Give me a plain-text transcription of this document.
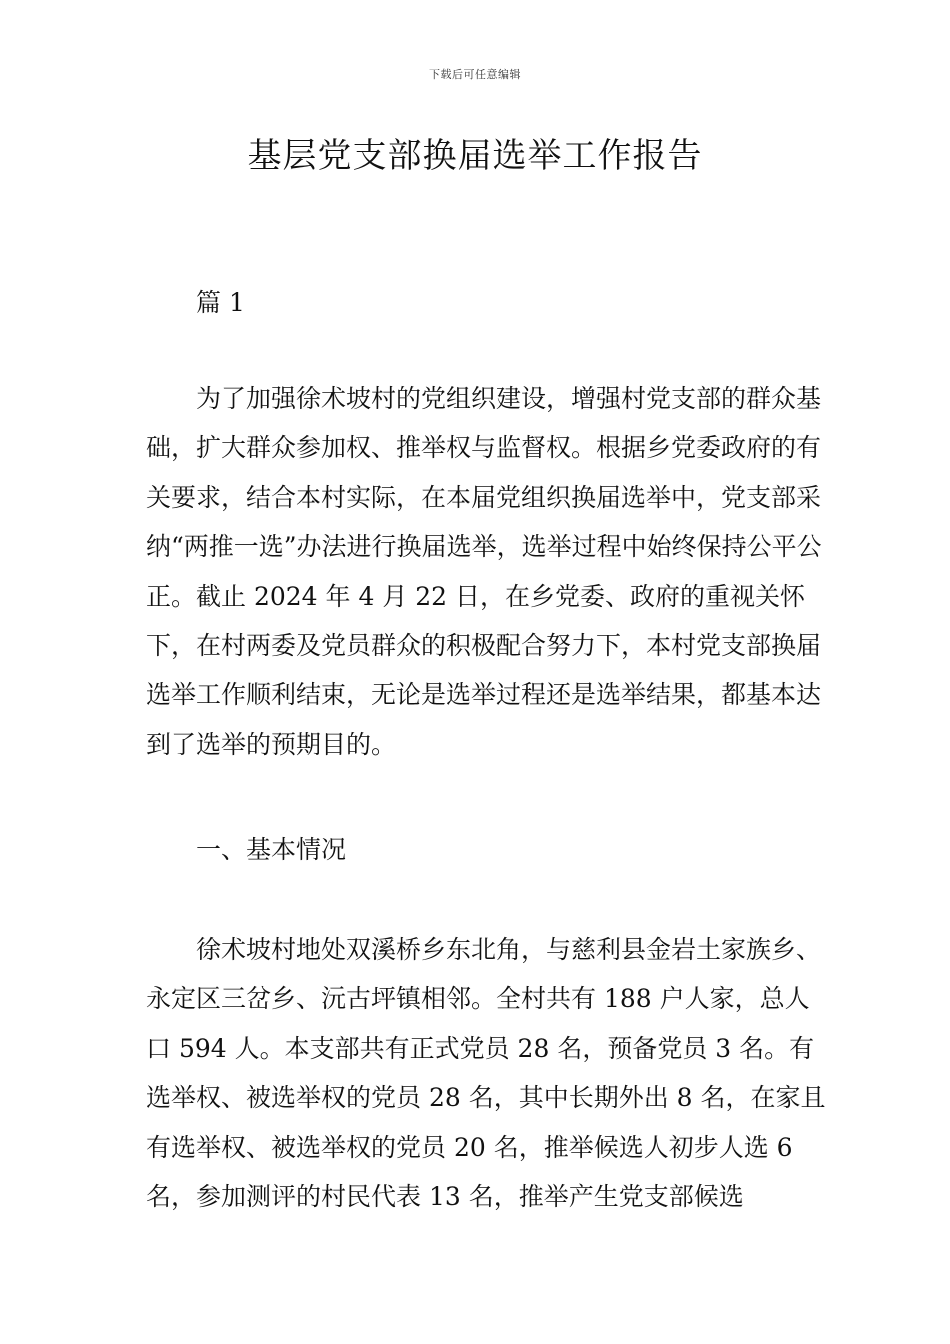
下载后可任意编辑
基层党支部换届选举工作报告

篇 1

为了加强徐术坡村的党组织建设，增强村党支部的群众基础，扩大群众参加权、推举权与监督权。根据乡党委政府的有关要求，结合本村实际，在本届党组织换届选举中，党支部采纳“两推一选”办法进行换届选举，选举过程中始终保持公平公正。截止 2024 年 4 月 22 日，在乡党委、政府的重视关怀下，在村两委及党员群众的积极配合努力下，本村党支部换届选举工作顺利结束，无论是选举过程还是选举结果，都基本达到了选举的预期目的。

一、基本情况

徐术坡村地处双溪桥乡东北角，与慈利县金岩土家族乡、永定区三岔乡、沅古坪镇相邻。全村共有 188 户人家，总人口 594 人。本支部共有正式党员 28 名，预备党员 3 名。有选举权、被选举权的党员 28 名，其中长期外出 8 名，在家且有选举权、被选举权的党员 20 名，推举候选人初步人选 6 名，参加测评的村民代表 13 名，推举产生党支部候选
